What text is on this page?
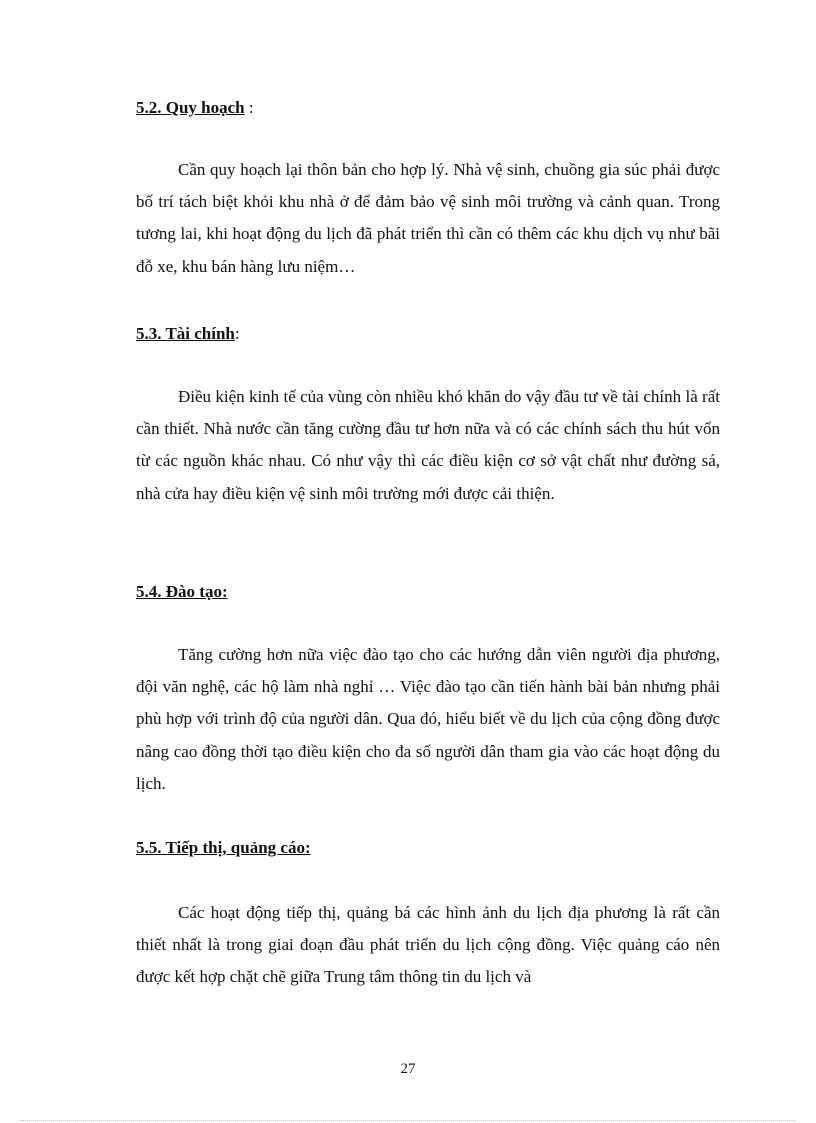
5.2. Quy hoạch :

Cần quy hoạch lại thôn bản cho hợp lý. Nhà vệ sinh, chuồng gia súc phải được bố trí tách biệt khỏi khu nhà ở để đảm bảo vệ sinh môi trường và cảnh quan. Trong tương lai, khi hoạt động du lịch đã phát triển thì cần có thêm các khu dịch vụ như bãi đỗ xe, khu bán hàng lưu niệm…

5.3. Tài chính:

Điều kiện kinh tế của vùng còn nhiều khó khăn do vậy đầu tư về tài chính là rất cần thiết. Nhà nước cần tăng cường đầu tư hơn nữa và có các chính sách thu hút vốn từ các nguồn khác nhau. Có như vậy thì các điều kiện cơ sở vật chất như đường sá, nhà cửa hay điều kiện vệ sinh môi trường mới được cải thiện.

5.4. Đào tạo:

Tăng cường hơn nữa việc đào tạo cho các hướng dẫn viên người địa phương, đội văn nghệ, các hộ làm nhà nghỉ … Việc đào tạo cần tiến hành bài bản nhưng phải phù hợp với trình độ của người dân. Qua đó, hiểu biết về du lịch của cộng đồng được nâng cao đồng thời tạo điều kiện cho đa số người dân tham gia vào các hoạt động du lịch.

5.5. Tiếp thị, quảng cáo:

Các hoạt động tiếp thị, quảng bá các hình ảnh du lịch địa phương là rất cần thiết nhất là trong giai đoạn đầu phát triển du lịch cộng đồng. Việc quảng cáo nên được kết hợp chặt chẽ giữa Trung tâm thông tin du lịch và

27
